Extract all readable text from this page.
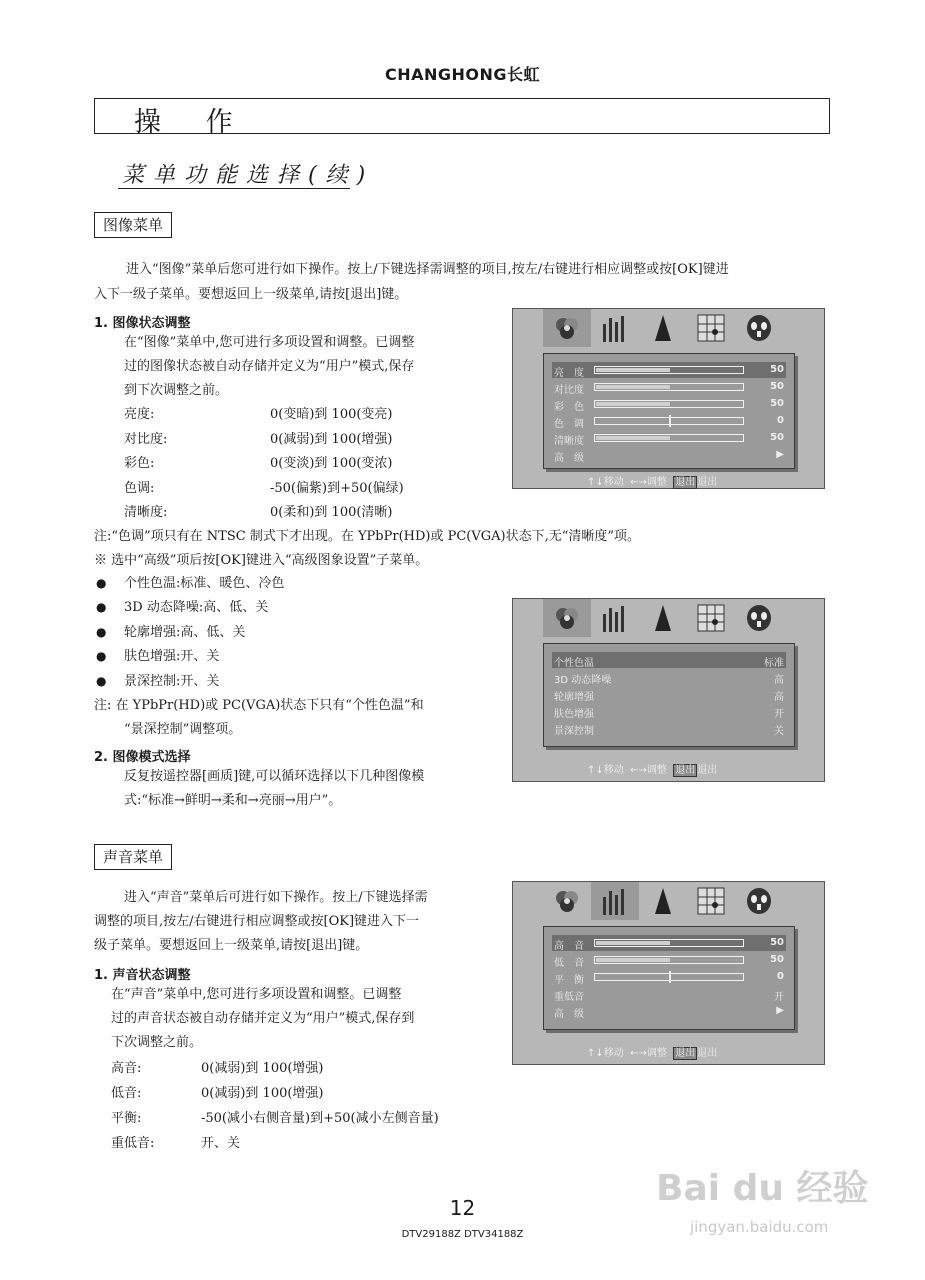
CHANGHONG长虹
操 作
菜单功能选择(续)
图像菜单
进入“图像”菜单后您可进行如下操作。按上/下键选择需调整的项目,按左/右键进行相应调整或按[OK]键进
入下一级子菜单。要想返回上一级菜单,请按[退出]键。
1. 图像状态调整
在“图像”菜单中,您可进行多项设置和调整。已调整
过的图像状态被自动存储并定义为“用户”模式,保存
到下次调整之前。
亮度:	0(变暗)到 100(变亮)
对比度:	0(减弱)到 100(增强)
彩色:	0(变淡)到 100(变浓)
色调:	-50(偏紫)到+50(偏绿)
清晰度:	0(柔和)到 100(清晰)
注:“色调”项只有在 NTSC 制式下才出现。在 YPbPr(HD)或 PC(VGA)状态下,无“清晰度”项。
※ 选中“高级”项后按[OK]键进入“高级图象设置”子菜单。
● 个性色温:标准、暖色、冷色
● 3D 动态降噪:高、低、关
● 轮廓增强:高、低、关
● 肤色增强:开、关
● 景深控制:开、关
注: 在 YPbPr(HD)或 PC(VGA)状态下只有“个性色温”和
“景深控制”调整项。
2. 图像模式选择
反复按遥控器[画质]键,可以循环选择以下几种图像模
式:“标准→鲜明→柔和→亮丽→用户”。
声音菜单
进入“声音”菜单后可进行如下操作。按上/下键选择需
调整的项目,按左/右键进行相应调整或按[OK]键进入下一
级子菜单。要想返回上一级菜单,请按[退出]键。
1. 声音状态调整
在“声音”菜单中,您可进行多项设置和调整。已调整
过的声音状态被自动存储并定义为“用户”模式,保存到
下次调整之前。
高音:	0(减弱)到 100(增强)
低音:	0(减弱)到 100(增强)
平衡:	-50(减小右侧音量)到+50(减小左侧音量)
重低音:	开、关
亮　度	50
对比度	50
彩　色	50
色　调	0
清晰度	50
高　级	▶
↑↓移动 ←→调整 退出 退出
个性色温	标准
3D 动态降噪	高
轮廓增强	高
肤色增强	开
景深控制	关
↑↓移动 ←→调整 退出 退出
高　音	50
低　音	50
平　衡	0
重低音	开
高　级	▶
↑↓移动 ←→调整 退出 退出
12
DTV29188Z DTV34188Z
Bai du 经验
jingyan.baidu.com
